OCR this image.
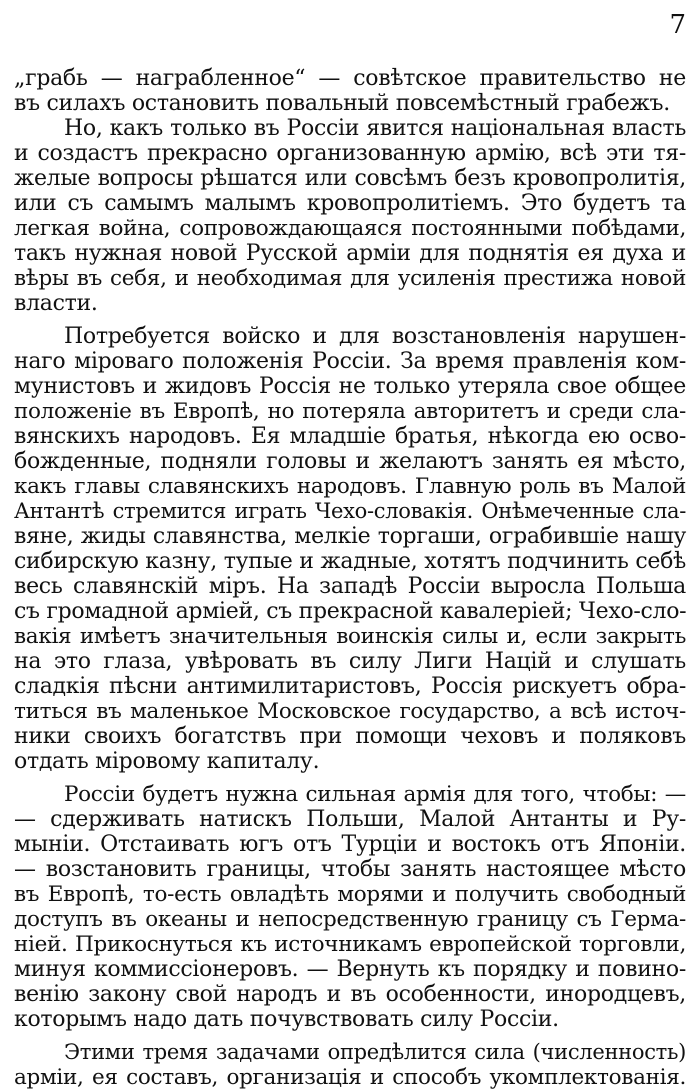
7
„грабь — награбленное“ — совѣтское правительство не
въ силахъ остановить повальный повсемѣстный грабежъ.
Но, какъ только въ Россіи явится національная власть
и создастъ прекрасно организованную армію, всѣ эти тя-
желые вопросы рѣшатся или совсѣмъ безъ кровопролитія,
или съ самымъ малымъ кровопролитіемъ. Это будетъ та
легкая война, сопровождающаяся постоянными побѣдами,
такъ нужная новой Русской арміи для поднятія ея духа и
вѣры въ себя, и необходимая для усиленія престижа новой
власти.
Потребуется войско и для возстановленія нарушен-
наго міроваго положенія Россіи. За время правленія ком-
мунистовъ и жидовъ Россія не только утеряла свое общее
положеніе въ Европѣ, но потеряла авторитетъ и среди сла-
вянскихъ народовъ. Ея младшіе братья, нѣкогда ею осво-
божденные, подняли головы и желаютъ занять ея мѣсто,
какъ главы славянскихъ народовъ. Главную роль въ Малой
Антантѣ стремится играть Чехо-словакія. Онѣмеченные сла-
вяне, жиды славянства, мелкіе торгаши, ограбившіе нашу
сибирскую казну, тупые и жадные, хотятъ подчинить себѣ
весь славянскій міръ. На западѣ Россіи выросла Польша
съ громадной арміей, съ прекрасной кавалеріей; Чехо-сло-
вакія имѣетъ значительныя воинскія силы и, если закрыть
на это глаза, увѣровать въ силу Лиги Націй и слушать
сладкія пѣсни антимилитаристовъ, Россія рискуетъ обра-
титься въ маленькое Московское государство, а всѣ источ-
ники своихъ богатствъ при помощи чеховъ и поляковъ
отдать міровому капиталу.
Россіи будетъ нужна сильная армія для того, чтобы: —
— сдерживать натискъ Польши, Малой Антанты и Ру-
мыніи. Отстаивать югъ отъ Турціи и востокъ отъ Японіи.
— возстановить границы, чтобы занять настоящее мѣсто
въ Европѣ, то-есть овладѣть морями и получить свободный
доступъ въ океаны и непосредственную границу съ Герма-
ніей. Прикоснуться къ источникамъ европейской торговли,
минуя коммиссіонеровъ. — Вернуть къ порядку и повино-
венію закону свой народъ и въ особенности, инородцевъ,
которымъ надо дать почувствовать силу Россіи.
Этими тремя задачами опредѣлится сила (численность)
арміи, ея составъ, организація и способъ укомплектованія.
